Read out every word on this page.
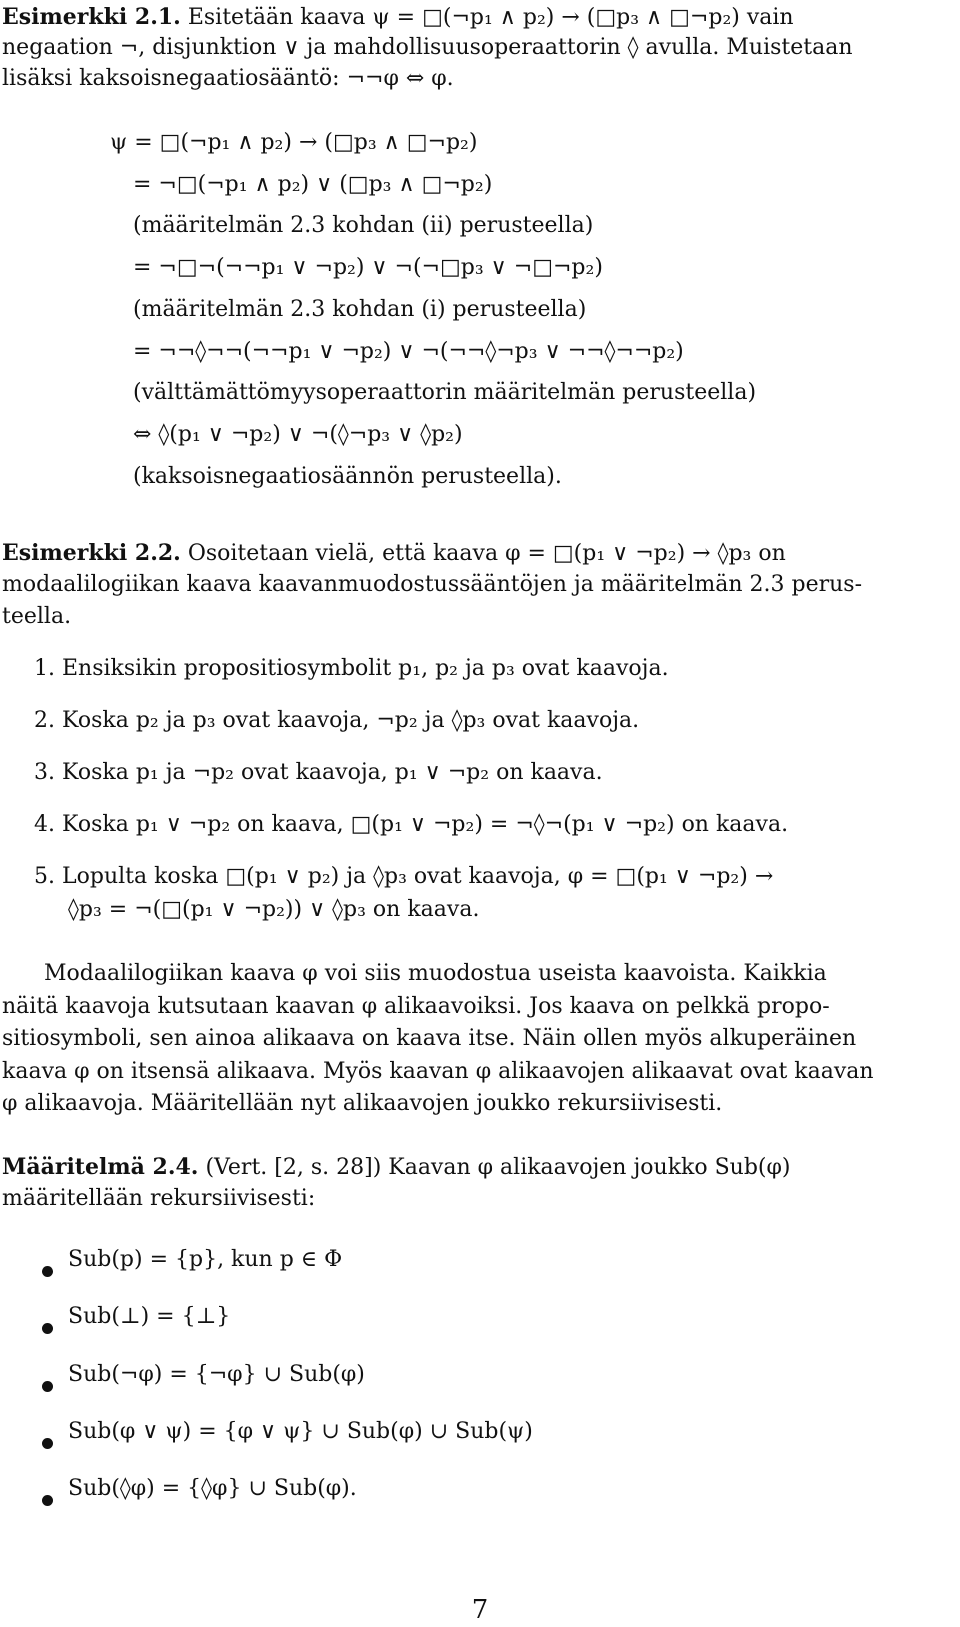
Esimerkki 2.1. Esitetään kaava ψ = □(¬p₁ ∧ p₂) → (□p₃ ∧ □¬p₂) vain
negaation ¬, disjunktion ∨ ja mahdollisuusoperaattorin ◊ avulla. Muistetaan
lisäksi kaksoisnegaatiosääntö: ¬¬φ ⇔ φ.
ψ = □(¬p₁ ∧ p₂) → (□p₃ ∧ □¬p₂)
= ¬□(¬p₁ ∧ p₂) ∨ (□p₃ ∧ □¬p₂)
(määritelmän 2.3 kohdan (ii) perusteella)
= ¬□¬(¬¬p₁ ∨ ¬p₂) ∨ ¬(¬□p₃ ∨ ¬□¬p₂)
(määritelmän 2.3 kohdan (i) perusteella)
= ¬¬◊¬¬(¬¬p₁ ∨ ¬p₂) ∨ ¬(¬¬◊¬p₃ ∨ ¬¬◊¬¬p₂)
(välttämättömyysoperaattorin määritelmän perusteella)
⇔ ◊(p₁ ∨ ¬p₂) ∨ ¬(◊¬p₃ ∨ ◊p₂)
(kaksoisnegaatiosäännön perusteella).
Esimerkki 2.2. Osoitetaan vielä, että kaava φ = □(p₁ ∨ ¬p₂) → ◊p₃ on
modaalilogiikan kaava kaavanmuodostussääntöjen ja määritelmän 2.3 perus-
teella.
1. Ensiksikin propositiosymbolit p₁, p₂ ja p₃ ovat kaavoja.
2. Koska p₂ ja p₃ ovat kaavoja, ¬p₂ ja ◊p₃ ovat kaavoja.
3. Koska p₁ ja ¬p₂ ovat kaavoja, p₁ ∨ ¬p₂ on kaava.
4. Koska p₁ ∨ ¬p₂ on kaava, □(p₁ ∨ ¬p₂) = ¬◊¬(p₁ ∨ ¬p₂) on kaava.
5. Lopulta koska □(p₁ ∨ p₂) ja ◊p₃ ovat kaavoja, φ = □(p₁ ∨ ¬p₂) →
◊p₃ = ¬(□(p₁ ∨ ¬p₂)) ∨ ◊p₃ on kaava.
Modaalilogiikan kaava φ voi siis muodostua useista kaavoista. Kaikkia
näitä kaavoja kutsutaan kaavan φ alikaavoiksi. Jos kaava on pelkkä propo-
sitiosymboli, sen ainoa alikaava on kaava itse. Näin ollen myös alkuperäinen
kaava φ on itsensä alikaava. Myös kaavan φ alikaavojen alikaavat ovat kaavan
φ alikaavoja. Määritellään nyt alikaavojen joukko rekursiivisesti.
Määritelmä 2.4. (Vert. [2, s. 28]) Kaavan φ alikaavojen joukko Sub(φ)
määritellään rekursiivisesti:
Sub(p) = {p}, kun p ∈ Φ
Sub(⊥) = {⊥}
Sub(¬φ) = {¬φ} ∪ Sub(φ)
Sub(φ ∨ ψ) = {φ ∨ ψ} ∪ Sub(φ) ∪ Sub(ψ)
Sub(◊φ) = {◊φ} ∪ Sub(φ).
7
